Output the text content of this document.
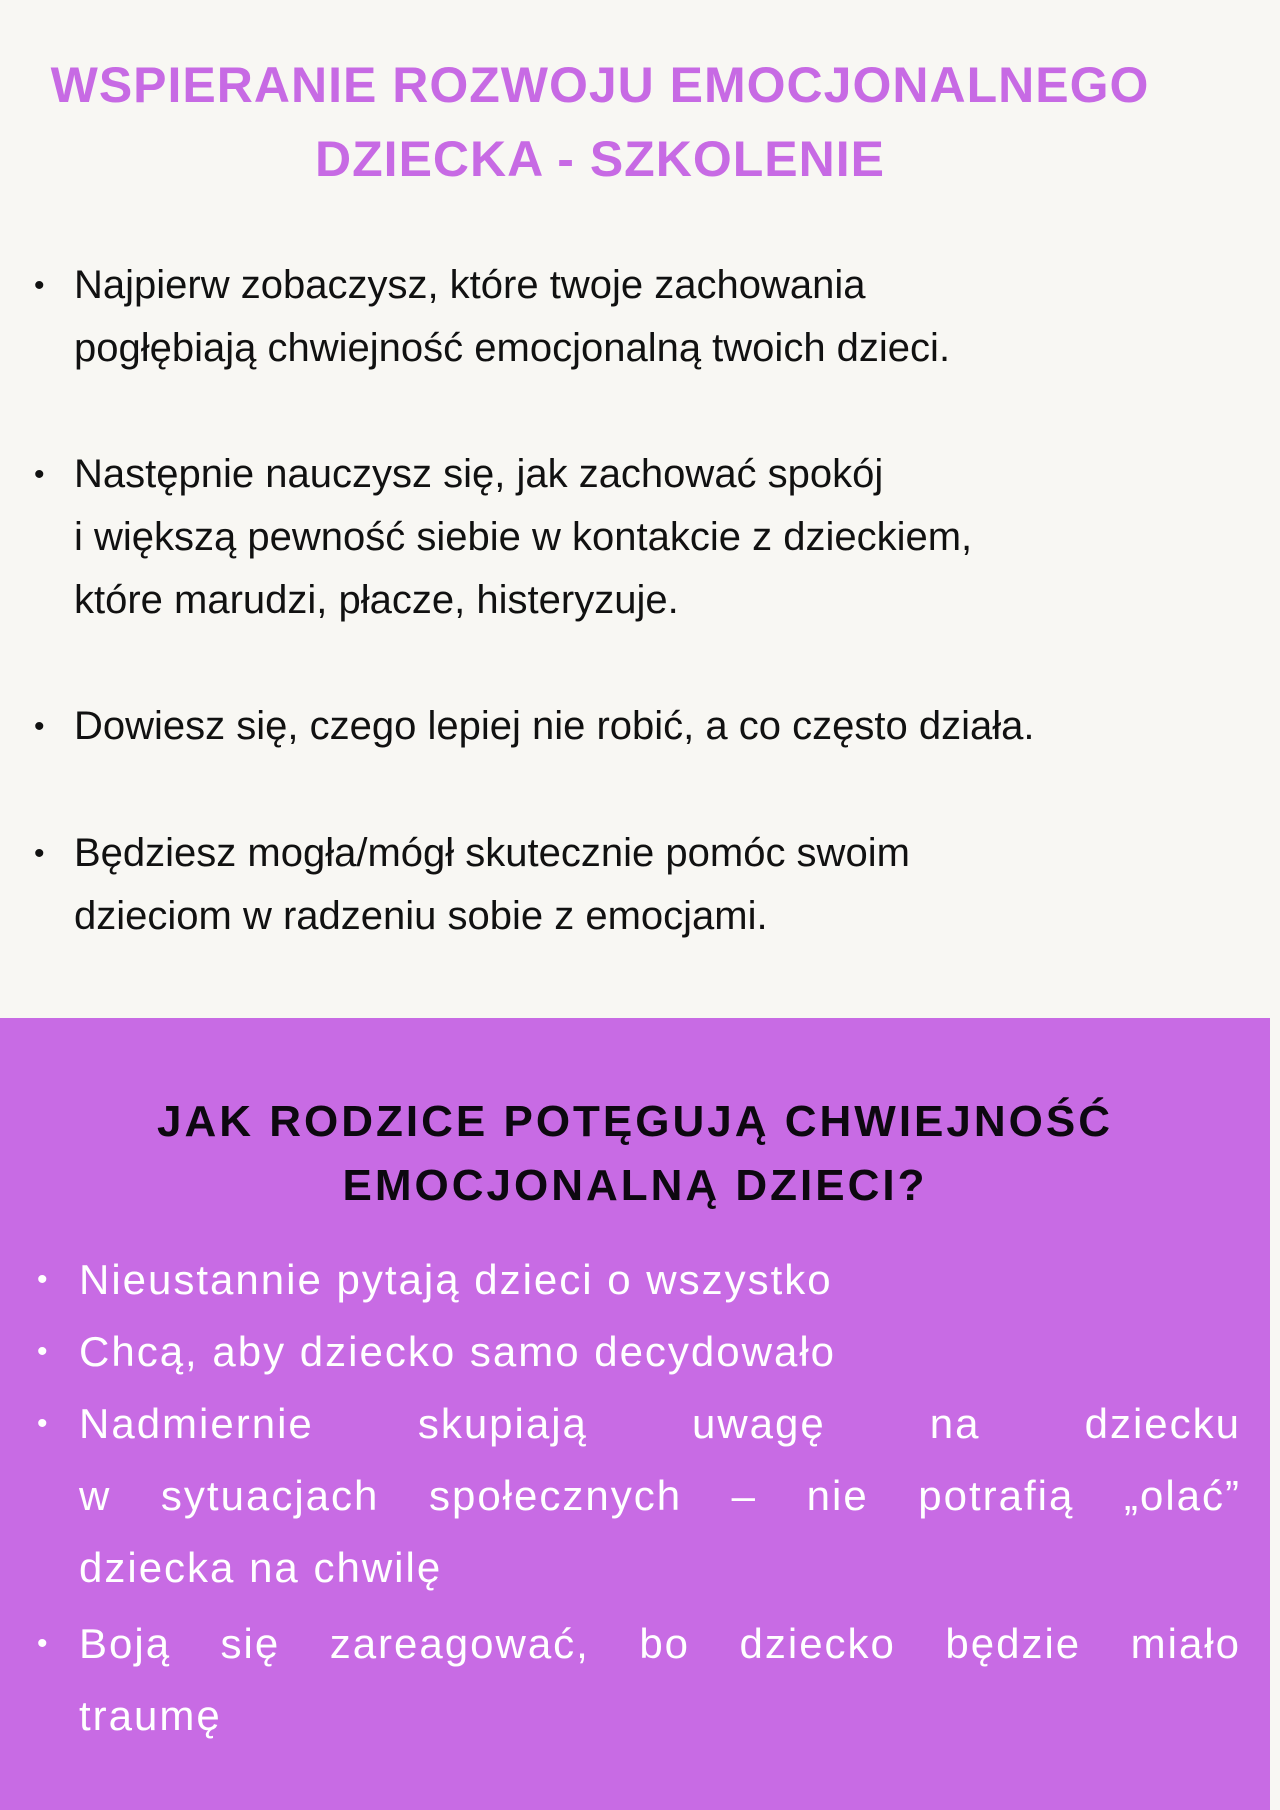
WSPIERANIE ROZWOJU EMOCJONALNEGO
DZIECKA - SZKOLENIE
• Najpierw zobaczysz, które twoje zachowania
pogłębiają chwiejność emocjonalną twoich dzieci.
• Następnie nauczysz się, jak zachować spokój
i większą pewność siebie w kontakcie z dzieckiem,
które marudzi, płacze, histeryzuje.
• Dowiesz się, czego lepiej nie robić, a co często działa.
• Będziesz mogła/mógł skutecznie pomóc swoim
dzieciom w radzeniu sobie z emocjami.
JAK RODZICE POTĘGUJĄ CHWIEJNOŚĆ
EMOCJONALNĄ DZIECI?
• Nieustannie pytają dzieci o wszystko
• Chcą, aby dziecko samo decydowało
• Nadmiernie skupiają uwagę na dziecku
w sytuacjach społecznych – nie potrafią „olać”
dziecka na chwilę
• Boją się zareagować, bo dziecko będzie miało
traumę
